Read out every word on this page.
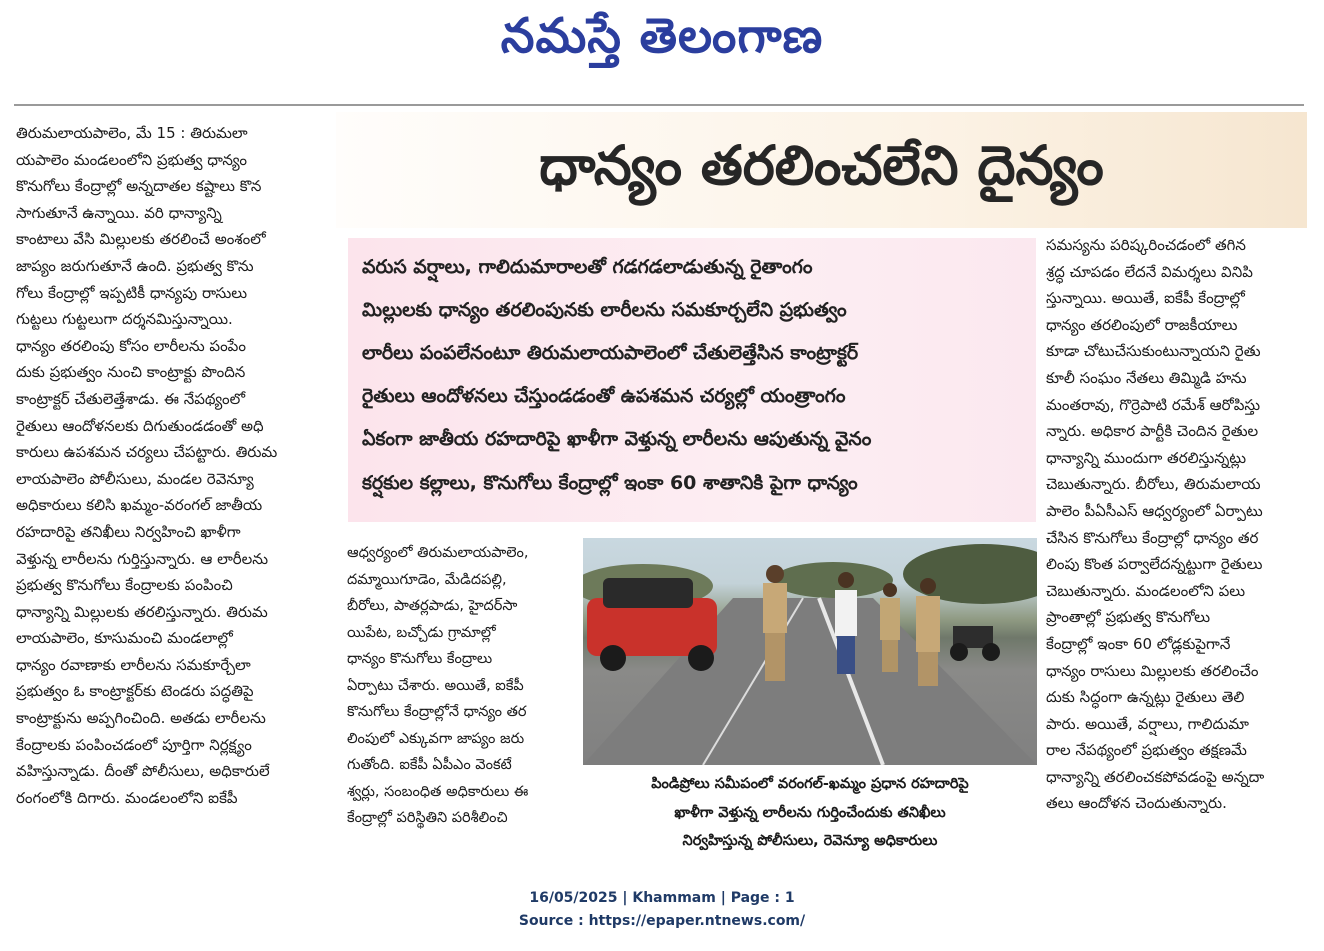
నమస్తే తెలంగాణ
తిరుమలాయపాలెం, మే 15 : తిరుమలా
యపాలెం మండలంలోని ప్రభుత్వ ధాన్యం
కొనుగోలు కేంద్రాల్లో అన్నదాతల కష్టాలు కొన
సాగుతూనే ఉన్నాయి. వరి ధాన్యాన్ని
కాంటాలు వేసి మిల్లులకు తరలించే అంశంలో
జాప్యం జరుగుతూనే ఉంది. ప్రభుత్వ కొను
గోలు కేంద్రాల్లో ఇప్పటికీ ధాన్యపు రాసులు
గుట్టలు గుట్టలుగా దర్శనమిస్తున్నాయి.
ధాన్యం తరలింపు కోసం లారీలను పంపేం
దుకు ప్రభుత్వం నుంచి కాంట్రాక్టు పొందిన
కాంట్రాక్టర్ చేతులెత్తేశాడు. ఈ నేపథ్యంలో
రైతులు ఆందోళనలకు దిగుతుండడంతో అధి
కారులు ఉపశమన చర్యలు చేపట్టారు. తిరుమ
లాయపాలెం పోలీసులు, మండల రెవెన్యూ
అధికారులు కలిసి ఖమ్మం-వరంగల్ జాతీయ
రహదారిపై తనిఖీలు నిర్వహించి ఖాళీగా
వెళ్తున్న లారీలను గుర్తిస్తున్నారు. ఆ లారీలను
ప్రభుత్వ కొనుగోలు కేంద్రాలకు పంపించి
ధాన్యాన్ని మిల్లులకు తరలిస్తున్నారు. తిరుమ
లాయపాలెం, కూసుమంచి మండలాల్లో
ధాన్యం రవాణాకు లారీలను సమకూర్చేలా
ప్రభుత్వం ఓ కాంట్రాక్టర్‌కు టెండరు పద్ధతిపై
కాంట్రాక్టును అప్పగించింది. అతడు లారీలను
కేంద్రాలకు పంపించడంలో పూర్తిగా నిర్లక్ష్యం
వహిస్తున్నాడు. దీంతో పోలీసులు, అధికారులే
రంగంలోకి దిగారు. మండలంలోని ఐకేపీ
ధాన్యం తరలించలేని దైన్యం
వరుస వర్షాలు, గాలిదుమారాలతో గడగడలాడుతున్న రైతాంగం
మిల్లులకు ధాన్యం తరలింపునకు లారీలను సమకూర్చలేని ప్రభుత్వం
లారీలు పంపలేనంటూ తిరుమలాయపాలెంలో చేతులెత్తేసిన కాంట్రాక్టర్
రైతులు ఆందోళనలు చేస్తుండడంతో ఉపశమన చర్యల్లో యంత్రాంగం
ఏకంగా జాతీయ రహదారిపై ఖాళీగా వెళ్తున్న లారీలను ఆపుతున్న వైనం
కర్షకుల కల్లాలు, కొనుగోలు కేంద్రాల్లో ఇంకా 60 శాతానికి పైగా ధాన్యం
సమస్యను పరిష్కరించడంలో తగిన
శ్రద్ధ చూపడం లేదనే విమర్శలు వినిపి
స్తున్నాయి. అయితే, ఐకేపీ కేంద్రాల్లో
ధాన్యం తరలింపులో రాజకీయాలు
కూడా చోటుచేసుకుంటున్నాయని రైతు
కూలీ సంఘం నేతలు తిమ్మిడి హను
మంతరావు, గొర్రెపాటి రమేశ్ ఆరోపిస్తు
న్నారు. అధికార పార్టీకి చెందిన రైతుల
ధాన్యాన్ని ముందుగా తరలిస్తున్నట్లు
చెబుతున్నారు. బీరోలు, తిరుమలాయ
పాలెం పీఏసీఎస్ ఆధ్వర్యంలో ఏర్పాటు
చేసిన కొనుగోలు కేంద్రాల్లో ధాన్యం తర
లింపు కొంత పర్వాలేదన్నట్టుగా రైతులు
చెబుతున్నారు. మండలంలోని పలు
ప్రాంతాల్లో ప్రభుత్వ కొనుగోలు
కేంద్రాల్లో ఇంకా 60 లోడ్లకుపైగానే
ధాన్యం రాసులు మిల్లులకు తరలించేం
దుకు సిద్ధంగా ఉన్నట్లు రైతులు తెలి
పారు. అయితే, వర్షాలు, గాలిదుమా
రాల నేపథ్యంలో ప్రభుత్వం తక్షణమే
ధాన్యాన్ని తరలించకపోవడంపై అన్నదా
తలు ఆందోళన చెందుతున్నారు.
ఆధ్వర్యంలో తిరుమలాయపాలెం,
దమ్మాయిగూడెం, మేడిదపల్లి,
బీరోలు, పాతర్లపాడు, హైదర్‌సా
యిపేట, బచ్చోడు గ్రామాల్లో
ధాన్యం కొనుగోలు కేంద్రాలు
ఏర్పాటు చేశారు. అయితే, ఐకేపీ
కొనుగోలు కేంద్రాల్లోనే ధాన్యం తర
లింపులో ఎక్కువగా జాప్యం జరు
గుతోంది. ఐకేపీ ఏపీఎం వెంకటే
శ్వర్లు, సంబంధిత అధికారులు ఈ
కేంద్రాల్లో పరిస్థితిని పరిశీలించి
పిండిప్రోలు సమీపంలో వరంగల్-ఖమ్మం ప్రధాన రహదారిపై
ఖాళీగా వెళ్తున్న లారీలను గుర్తించేందుకు తనిఖీలు
నిర్వహిస్తున్న పోలీసులు, రెవెన్యూ అధికారులు
16/05/2025 | Khammam | Page : 1
Source : https://epaper.ntnews.com/
